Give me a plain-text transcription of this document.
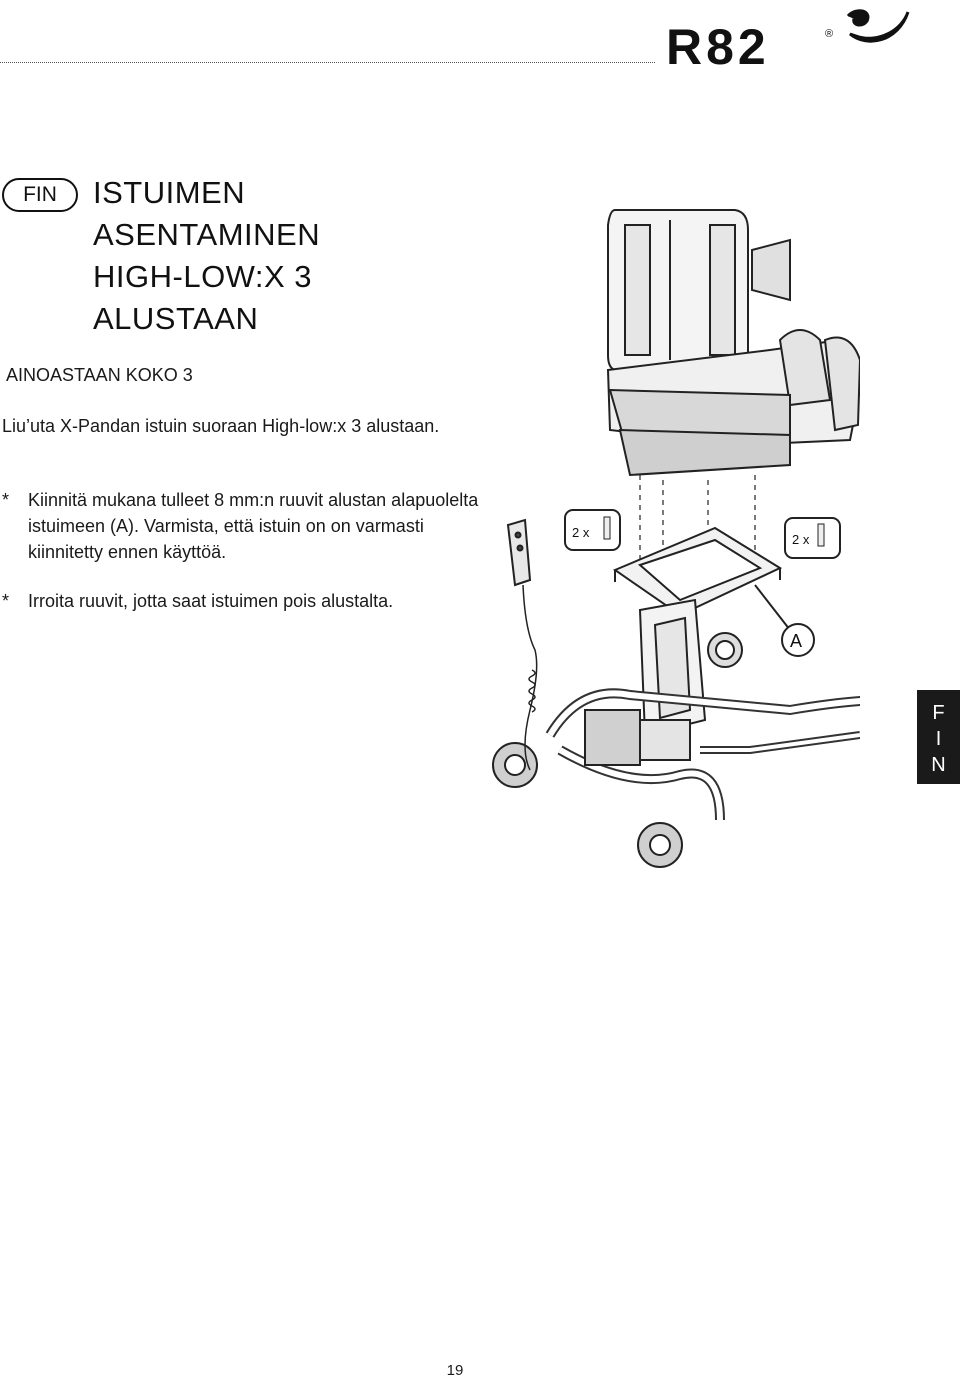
R82	®
FIN	ISTUIMEN
ASENTAMINEN
HIGH-LOW:X 3
ALUSTAAN

AINOASTAAN KOKO 3

Liu’uta X-Pandan istuin suoraan High-low:x 3 alustaan.

*	Kiinnitä mukana tulleet 8 mm:n ruuvit alustan alapuolelta istuimeen (A). Varmista, että istuin on on varmasti kiinnitetty ennen käyttöä.
*	Irroita ruuvit, jotta saat istuimen pois alustalta.
2 x	2 x
A
F
I
N
19
